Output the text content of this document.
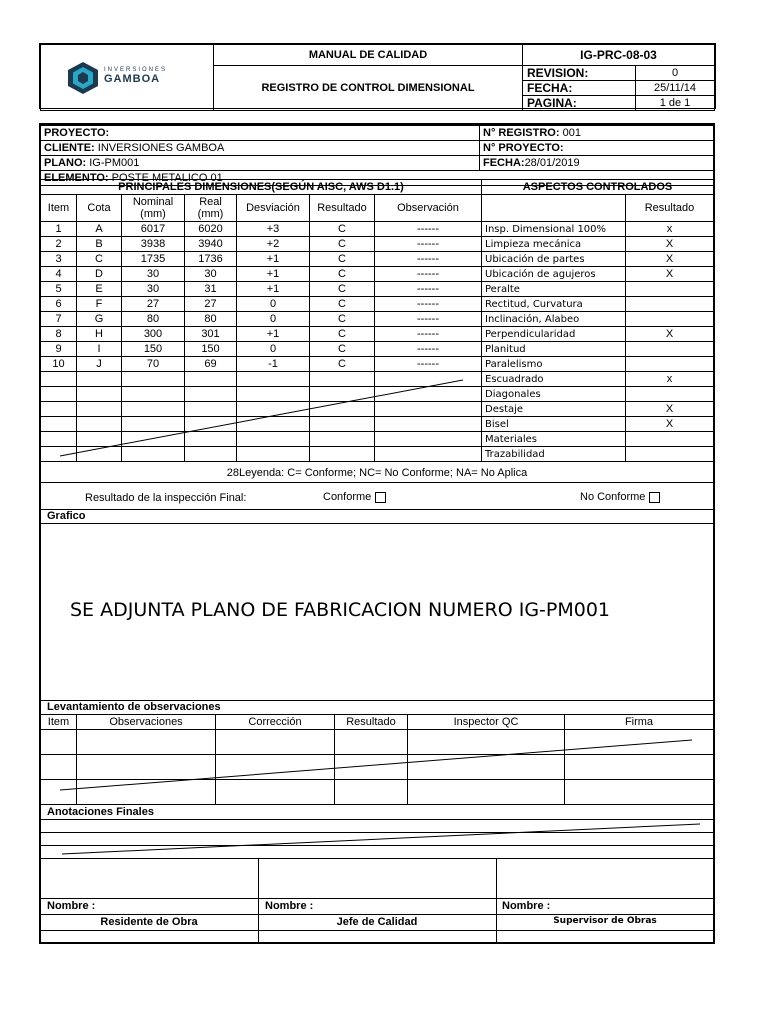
INVERSIONES
GAMBOA	MANUAL DE CALIDAD	IG-PRC-08-03	
	REGISTRO DE CONTROL DIMENSIONAL	REVISION:	0
		FECHA:	25/11/14
		PAGINA:	1 de 1
PROYECTO:	N° REGISTRO: 001
CLIENTE: INVERSIONES GAMBOA	N° PROYECTO:
PLANO: IG-PM001	FECHA:28/01/2019
ELEMENTO: POSTE METALICO 01	
PRINCIPALES DIMENSIONES(SEGÚN AISC, AWS D1.1)							ASPECTOS CONTROLADOS	
Item	Cota	Nominal (mm)	Real (mm)	Desviación	Resultado	Observación		Resultado
1	A	6017	6020	+3	C	------	Insp. Dimensional 100%	x
2	B	3938	3940	+2	C	------	Limpieza mecánica	X
3	C	1735	1736	+1	C	------	Ubicación de partes	X
4	D	30	30	+1	C	------	Ubicación de agujeros	X
5	E	30	31	+1	C	------	Peralte	
6	F	27	27	0	C	------	Rectitud, Curvatura	
7	G	80	80	0	C	------	Inclinación, Alabeo	
8	H	300	301	+1	C	------	Perpendicularidad	X
9	I	150	150	0	C	------	Planitud	
10	J	70	69	-1	C	------	Paralelismo	
							Escuadrado	x
							Diagonales	
							Destaje	X
							Bisel	X
							Materiales	
							Trazabilidad	
28Leyenda: C= Conforme; NC= No Conforme; NA= No Aplica
Resultado de la inspección Final:	Conforme	No Conforme
Grafico
SE ADJUNTA PLANO DE FABRICACION NUMERO IG-PM001
Levantamiento de observaciones
Item	Observaciones	Corrección	Resultado	Inspector QC	Firma

Anotaciones Finales
Nombre :	Nombre :	Nombre :
Residente de Obra	Jefe de Calidad	Supervisor de Obras
